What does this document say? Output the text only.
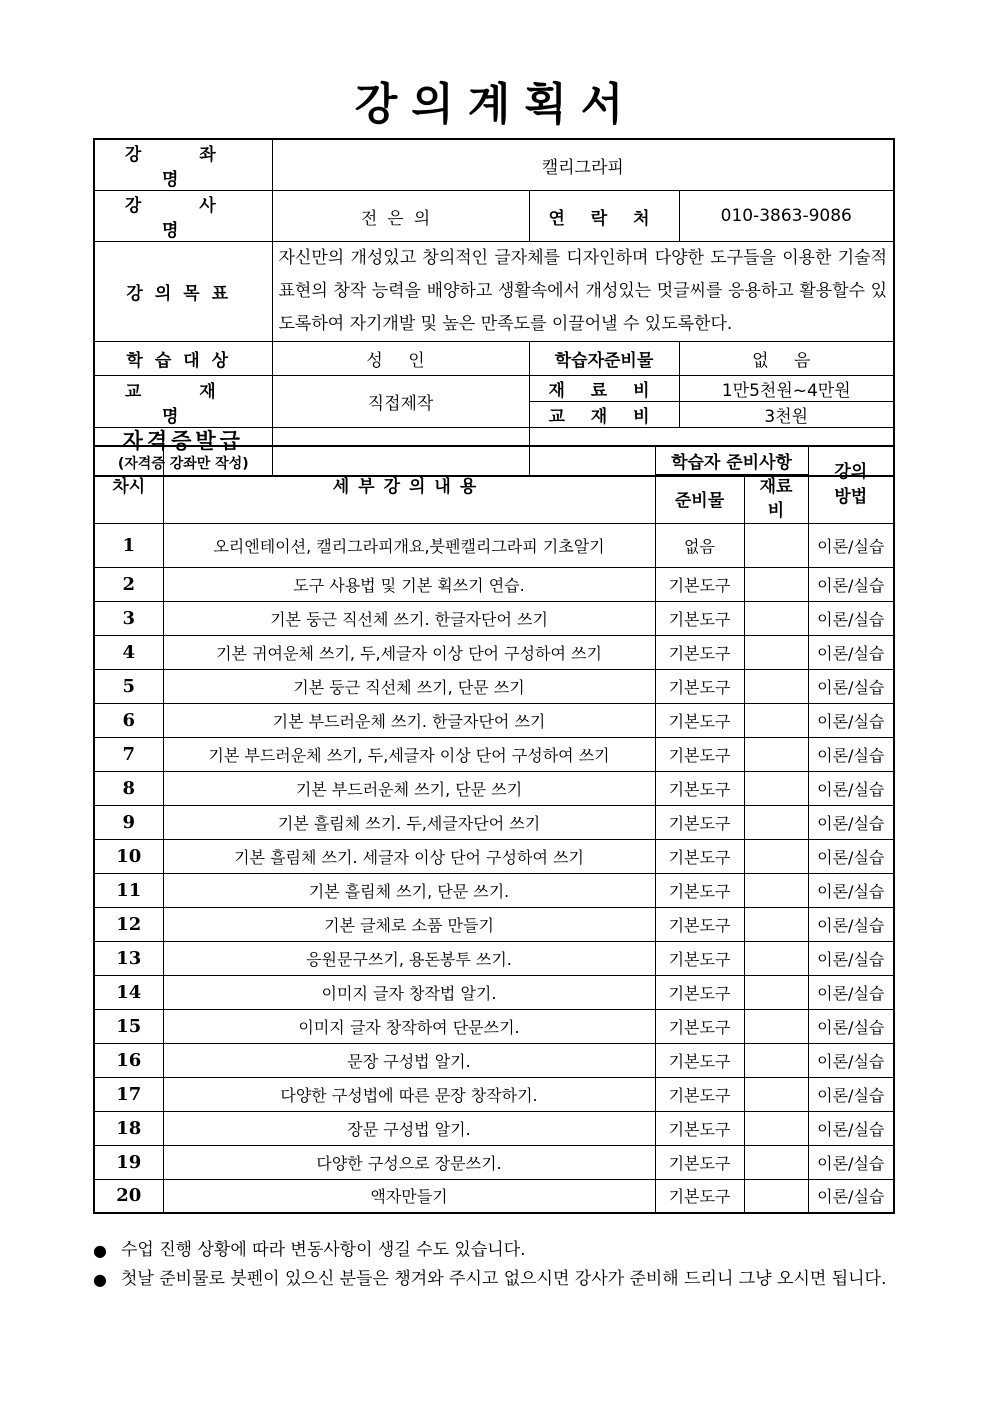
강의계획서
강 좌 명	캘리그라피		
강 사 명	전은의	연 락 처	010-3863-9086
강의목표	자신만의 개성있고 창의적인 글자체를 디자인하며 다양한 도구들을 이용한 기술적 표현의 창작 능력을 배양하고 생활속에서 개성있는 멋글씨를 응용하고 활용할수 있도록하여 자기개발 및 높은 만족도를 이끌어낼 수 있도록한다.		
학습대상	성 인	학습자준비물	없 음
교 재 명	직접제작	재 료 비	1만5천원~4만원
		교 재 비	3천원

자격증발급
(자격증 강좌만 작성)			

차시	세부강의내용	학습자 준비사항		강의방법
		준비물	재료비	
1	오리엔테이션, 캘리그라피개요,붓펜캘리그라피 기초알기	없음		이론/실습
2	도구 사용법 및 기본 획쓰기 연습.	기본도구		이론/실습
3	기본 둥근 직선체 쓰기. 한글자단어 쓰기	기본도구		이론/실습
4	기본 귀여운체 쓰기, 두,세글자 이상 단어 구성하여 쓰기	기본도구		이론/실습
5	기본 둥근 직선체 쓰기, 단문 쓰기	기본도구		이론/실습
6	기본 부드러운체 쓰기. 한글자단어 쓰기	기본도구		이론/실습
7	기본 부드러운체 쓰기, 두,세글자 이상 단어 구성하여 쓰기	기본도구		이론/실습
8	기본 부드러운체 쓰기, 단문 쓰기	기본도구		이론/실습
9	기본 흘림체 쓰기. 두,세글자단어 쓰기	기본도구		이론/실습
10	기본 흘림체 쓰기. 세글자 이상 단어 구성하여 쓰기	기본도구		이론/실습
11	기본 흘림체 쓰기, 단문 쓰기.	기본도구		이론/실습
12	기본 글체로 소품 만들기	기본도구		이론/실습
13	응원문구쓰기, 용돈봉투 쓰기.	기본도구		이론/실습
14	이미지 글자 창작법 알기.	기본도구		이론/실습
15	이미지 글자 창작하여 단문쓰기.	기본도구		이론/실습
16	문장 구성법 알기.	기본도구		이론/실습
17	다양한 구성법에 따른 문장 창작하기.	기본도구		이론/실습
18	장문 구성법 알기.	기본도구		이론/실습
19	다양한 구성으로 장문쓰기.	기본도구		이론/실습
20	액자만들기	기본도구		이론/실습
● 수업 진행 상황에 따라 변동사항이 생길 수도 있습니다.
● 첫날 준비물로 붓펜이 있으신 분들은 챙겨와 주시고 없으시면 강사가 준비해 드리니 그냥 오시면 됩니다.
